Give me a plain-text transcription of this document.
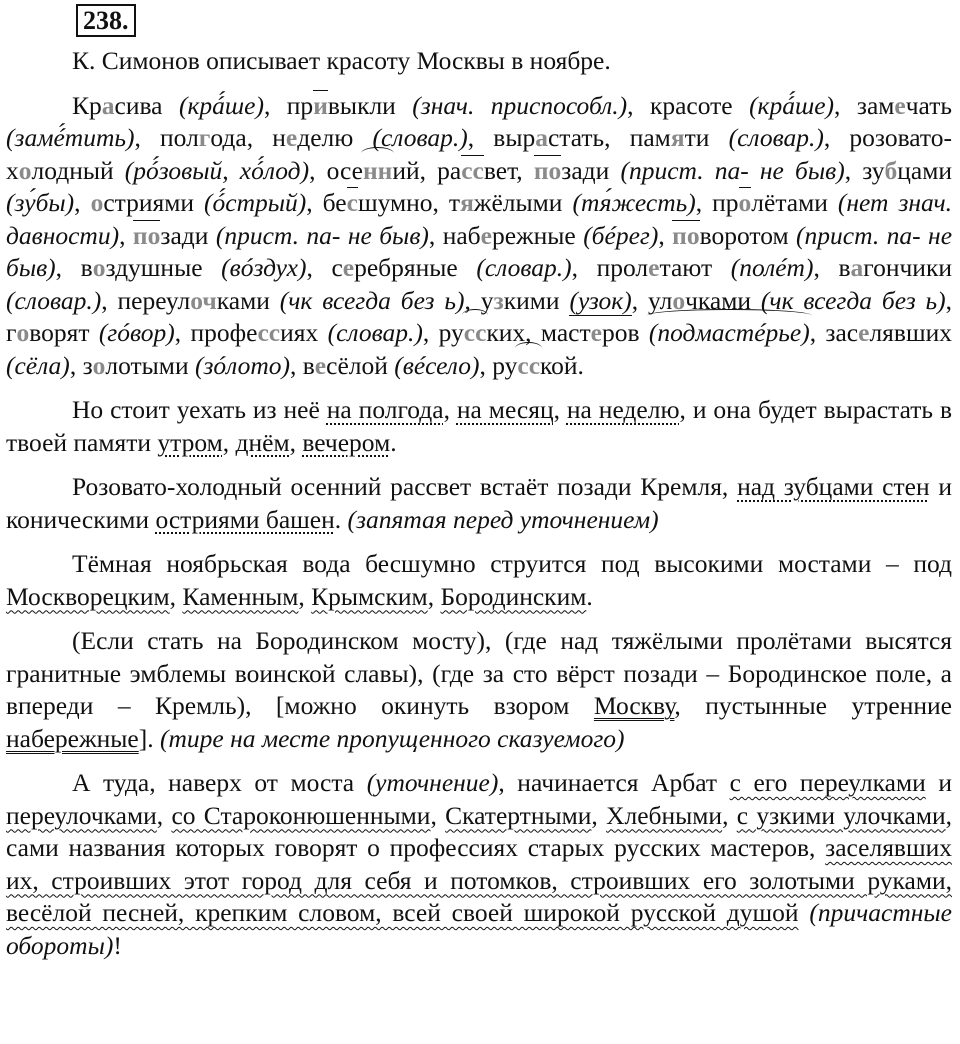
238.

К. Симонов описывает красоту Москвы в ноябре.

Красива (крá́ше), привыкли (знач. приспособл.), красоте (крá́ше), замечать (замé́тить), полгода, неделю (словар.), вырастать, памяти (словар.), розовато-холодный (рó́зовый, хó́лод), осенн
ий, рассвет, позади (прист. па- не быв), зубцами (зу́бы), остриями (ó́стрый), бесшумно, тяжёлыми (тя́жесть), пролётами (нет знач. давности), позади (прист. па- не быв), набережные (бéрег), поворотом (прист. па- не быв), воздушные (вóздух), серебряные (словар.), пролетают (полéт), вагончики (словар.), переулочками (чк всегда без ь), узкими (узок), улочками (чк всегда без ь), говорят (гóвор), профессиях (словар.), русс
ких, мастеров (подмастéрье)
, заселявших (сёла), золотыми (зóлото), весёлой (вéсело), русс
кой.

Но стоит уехать из неё на полгода, на месяц, на неделю, и она будет вырастать в твоей памяти утром, днём, вечером.

Розовато-холодный осенний рассвет встаёт позади Кремля, над зубцами стен и коническими остриями башен. (запятая перед уточнением)

Тёмная ноябрьская вода бесшумно струится под высокими мостами – под Москворецким, Каменным, Крымским, Бородинским.

(Если стать на Бородинском мосту), (где над тяжёлыми пролётами высятся гранитные эмблемы воинской славы), (где за сто вёрст позади – Бородинское поле, а впереди – Кремль), [можно окинуть взором Москву, пустынные утренние набережные]. (тире на месте пропущенного сказуемого)

А туда, наверх от моста (уточнение), начинается Арбат с его переулками и переулочками, со Староконюшенными, Скатертными, Хлебными, с узкими улочками, сами названия которых говорят о профессиях старых русских мастеров, заселявших их, строивших этот город для себя и потомков, строивших его золотыми руками, весёлой песней, крепким словом, всей своей широкой русской душой (причастные обороты)!
